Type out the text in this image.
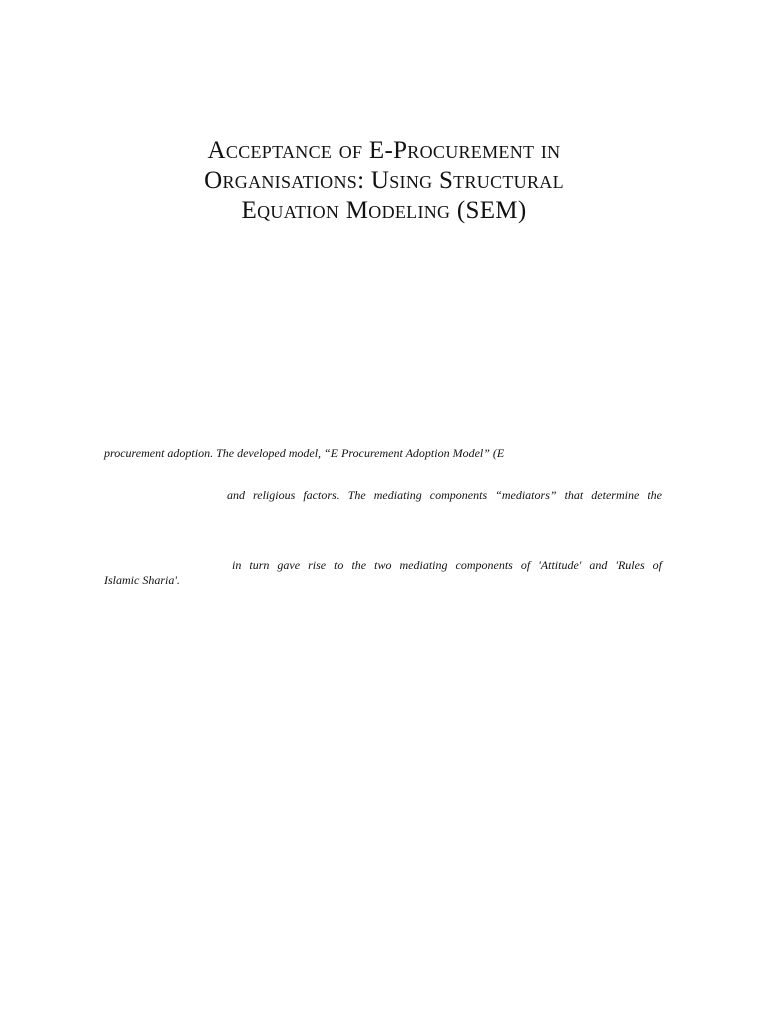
Acceptance of E-Procurement in
Organisations: Using Structural
Equation Modeling (SEM)

procurement adoption. The developed model, “E Procurement Adoption Model” (E

and religious factors. The mediating components “mediators” that determine the

in turn gave rise to the two mediating components of 'Attitude' and 'Rules of

Islamic Sharia'.
